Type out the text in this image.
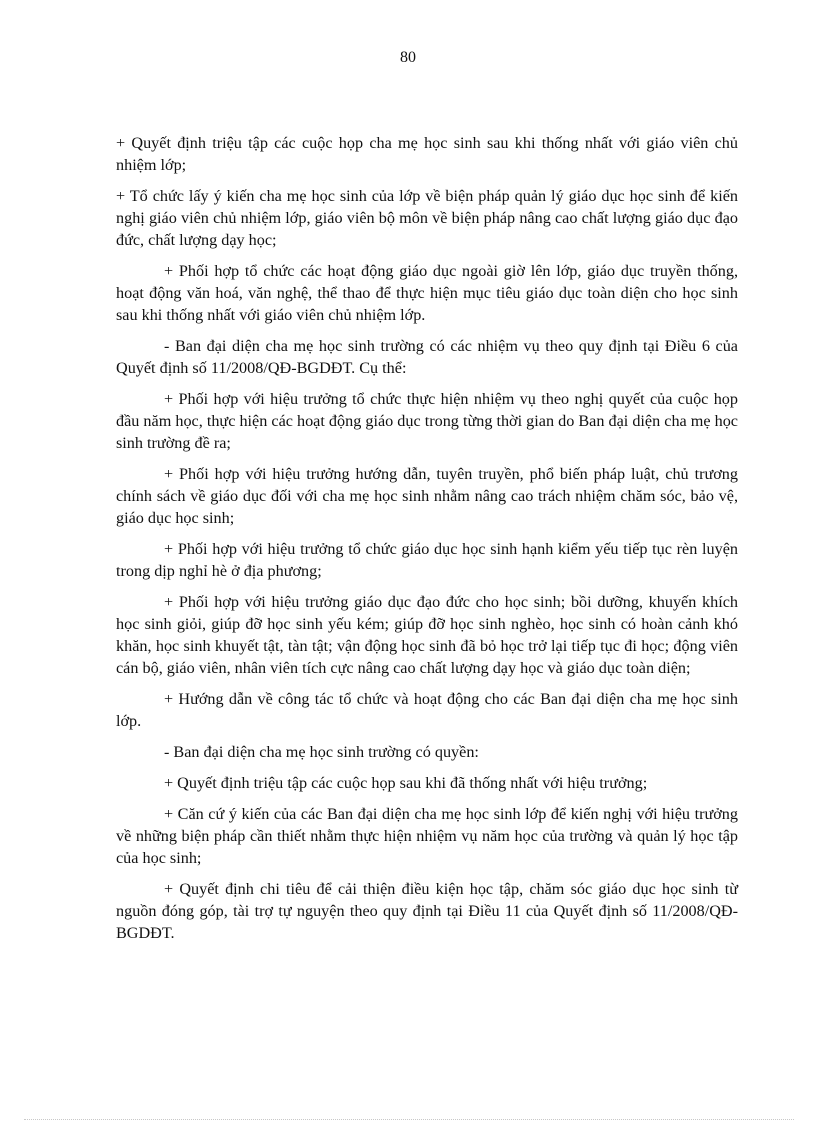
80

+ Quyết định triệu tập các cuộc họp cha mẹ học sinh sau khi thống nhất với giáo viên chủ nhiệm lớp;

+ Tổ chức lấy ý kiến cha mẹ học sinh của lớp về biện pháp quản lý giáo dục học sinh để kiến nghị giáo viên chủ nhiệm lớp, giáo viên bộ môn về biện pháp nâng cao chất lượng giáo dục đạo đức, chất lượng dạy học;

+ Phối hợp tổ chức các hoạt động giáo dục ngoài giờ lên lớp, giáo dục truyền thống, hoạt động văn hoá, văn nghệ, thể thao để thực hiện mục tiêu giáo dục toàn diện cho học sinh sau khi thống nhất với giáo viên chủ nhiệm lớp.

- Ban đại diện cha mẹ học sinh trường có các nhiệm vụ theo quy định tại Điều 6 của Quyết định số 11/2008/QĐ-BGDĐT. Cụ thể:

+ Phối hợp với hiệu trưởng tổ chức thực hiện nhiệm vụ theo nghị quyết của cuộc họp đầu năm học, thực hiện các hoạt động giáo dục trong từng thời gian do Ban đại diện cha mẹ học sinh trường đề ra;

+ Phối hợp với hiệu trưởng hướng dẫn, tuyên truyền, phổ biến pháp luật, chủ trương chính sách về giáo dục đối với cha mẹ học sinh nhằm nâng cao trách nhiệm chăm sóc, bảo vệ, giáo dục học sinh;

+ Phối hợp với hiệu trưởng tổ chức giáo dục học sinh hạnh kiểm yếu tiếp tục rèn luyện trong dịp nghỉ hè ở địa phương;

+ Phối hợp với hiệu trưởng giáo dục đạo đức cho học sinh; bồi dưỡng, khuyến khích học sinh giỏi, giúp đỡ học sinh yếu kém; giúp đỡ học sinh nghèo, học sinh có hoàn cảnh khó khăn, học sinh khuyết tật, tàn tật; vận động học sinh đã bỏ học trở lại tiếp tục đi học; động viên cán bộ, giáo viên, nhân viên tích cực nâng cao chất lượng dạy học và giáo dục toàn diện;

+ Hướng dẫn về công tác tổ chức và hoạt động cho các Ban đại diện cha mẹ học sinh lớp.

- Ban đại diện cha mẹ học sinh trường có quyền:

+ Quyết định triệu tập các cuộc họp sau khi đã thống nhất với hiệu trưởng;

+ Căn cứ ý kiến của các Ban đại diện cha mẹ học sinh lớp để kiến nghị với hiệu trưởng về những biện pháp cần thiết nhằm thực hiện nhiệm vụ năm học của trường và quản lý học tập của học sinh;

+ Quyết định chi tiêu để cải thiện điều kiện học tập, chăm sóc giáo dục học sinh từ nguồn đóng góp, tài trợ tự nguyện theo quy định tại Điều 11 của Quyết định số 11/2008/QĐ-BGDĐT.
